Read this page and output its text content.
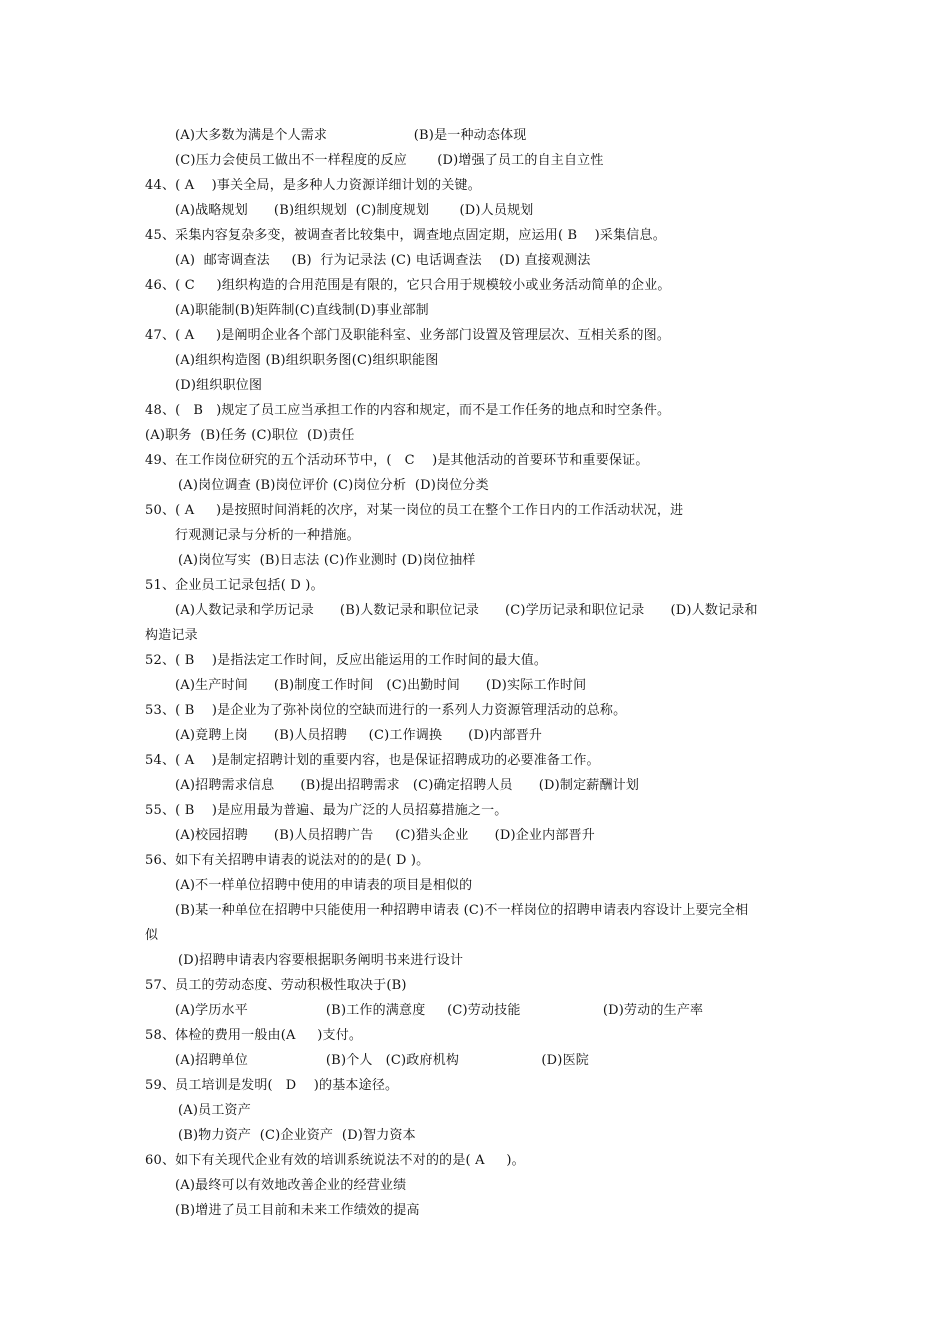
(A)大多数为满是个人需求                    (B)是一种动态体现
(C)压力会使员工做出不一样程度的反应       (D)增强了员工的自主自立性
44、( A    )事关全局，是多种人力资源详细计划的关键。
(A)战略规划      (B)组织规划  (C)制度规划       (D)人员规划
45、采集内容复杂多变，被调查者比较集中，调查地点固定期，应运用( B    )采集信息。
(A)  邮寄调查法     (B)  行为记录法 (C) 电话调查法    (D) 直接观测法
46、( C     )组织构造的合用范围是有限的，它只合用于规模较小或业务活动简单的企业。
(A)职能制(B)矩阵制(C)直线制(D)事业部制
47、( A     )是阐明企业各个部门及职能科室、业务部门设置及管理层次、互相关系的图。
(A)组织构造图 (B)组织职务图(C)组织职能图
(D)组织职位图
48、(   B   )规定了员工应当承担工作的内容和规定，而不是工作任务的地点和时空条件。
(A)职务  (B)任务 (C)职位  (D)责任
49、在工作岗位研究的五个活动环节中，(   C    )是其他活动的首要环节和重要保证。
(A)岗位调查 (B)岗位评价 (C)岗位分析  (D)岗位分类
50、( A     )是按照时间消耗的次序，对某一岗位的员工在整个工作日内的工作活动状况，进
行观测记录与分析的一种措施。
(A)岗位写实  (B)日志法 (C)作业测时 (D)岗位抽样
51、企业员工记录包括( D )。
(A)人数记录和学历记录      (B)人数记录和职位记录      (C)学历记录和职位记录      (D)人数记录和
构造记录
52、( B    )是指法定工作时间，反应出能运用的工作时间的最大值。
(A)生产时间      (B)制度工作时间   (C)出勤时间      (D)实际工作时间
53、( B    )是企业为了弥补岗位的空缺而进行的一系列人力资源管理活动的总称。
(A)竟聘上岗      (B)人员招聘     (C)工作调换      (D)内部晋升
54、( A    )是制定招聘计划的重要内容，也是保证招聘成功的必要准备工作。
(A)招聘需求信息      (B)提出招聘需求   (C)确定招聘人员      (D)制定薪酬计划
55、( B    )是应用最为普遍、最为广泛的人员招募措施之一。
(A)校园招聘      (B)人员招聘广告     (C)猎头企业      (D)企业内部晋升
56、如下有关招聘申请表的说法对的的是( D )。
(A)不一样单位招聘中使用的申请表的项目是相似的
(B)某一种单位在招聘中只能使用一种招聘申请表 (C)不一样岗位的招聘申请表内容设计上要完全相
似
(D)招聘申请表内容要根据职务阐明书来进行设计
57、员工的劳动态度、劳动积极性取决于(B)
(A)学历水平                  (B)工作的满意度     (C)劳动技能                   (D)劳动的生产率
58、体检的费用一般由(A     )支付。
(A)招聘单位                  (B)个人   (C)政府机构                   (D)医院
59、员工培训是发明(   D    )的基本途径。
(A)员工资产
(B)物力资产  (C)企业资产  (D)智力资本
60、如下有关现代企业有效的培训系统说法不对的的是( A     )。
(A)最终可以有效地改善企业的经营业绩
(B)增进了员工目前和未来工作绩效的提高
